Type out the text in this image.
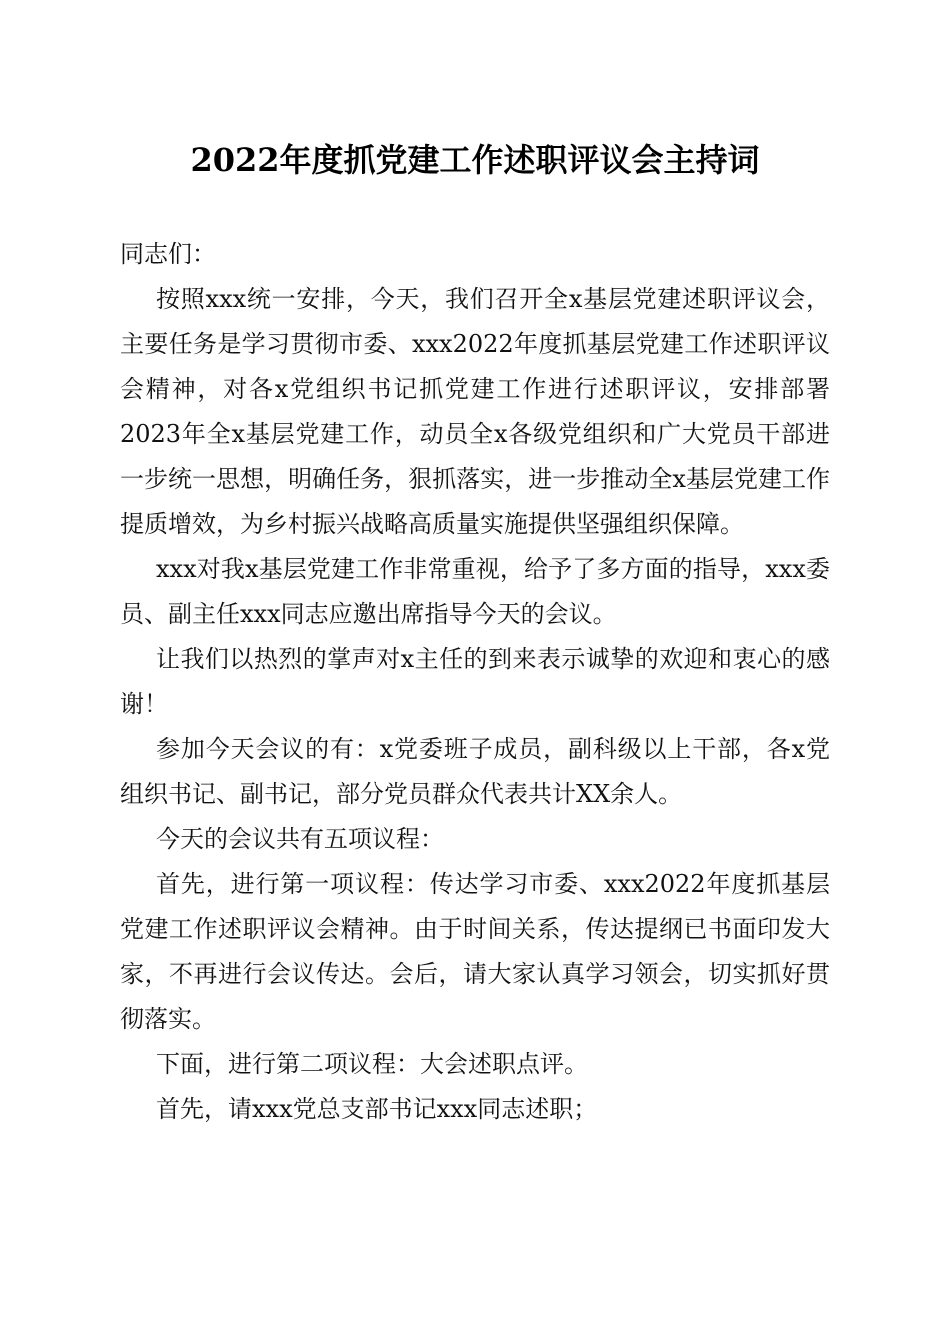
2022年度抓党建工作述职评议会主持词

同志们：

按照xxx统一安排，今天，我们召开全x基层党建述职评议会，主要任务是学习贯彻市委、xxx2022年度抓基层党建工作述职评议会精神，对各x党组织书记抓党建工作进行述职评议，安排部署2023年全x基层党建工作，动员全x各级党组织和广大党员干部进一步统一思想，明确任务，狠抓落实，进一步推动全x基层党建工作提质增效，为乡村振兴战略高质量实施提供坚强组织保障。

xxx对我x基层党建工作非常重视，给予了多方面的指导，xxx委员、副主任xxx同志应邀出席指导今天的会议。

让我们以热烈的掌声对x主任的到来表示诚挚的欢迎和衷心的感谢！

参加今天会议的有：x党委班子成员，副科级以上干部，各x党组织书记、副书记，部分党员群众代表共计XX余人。

今天的会议共有五项议程：

首先，进行第一项议程：传达学习市委、xxx2022年度抓基层党建工作述职评议会精神。由于时间关系，传达提纲已书面印发大家，不再进行会议传达。会后，请大家认真学习领会，切实抓好贯彻落实。

下面，进行第二项议程：大会述职点评。

首先，请xxx党总支部书记xxx同志述职；
